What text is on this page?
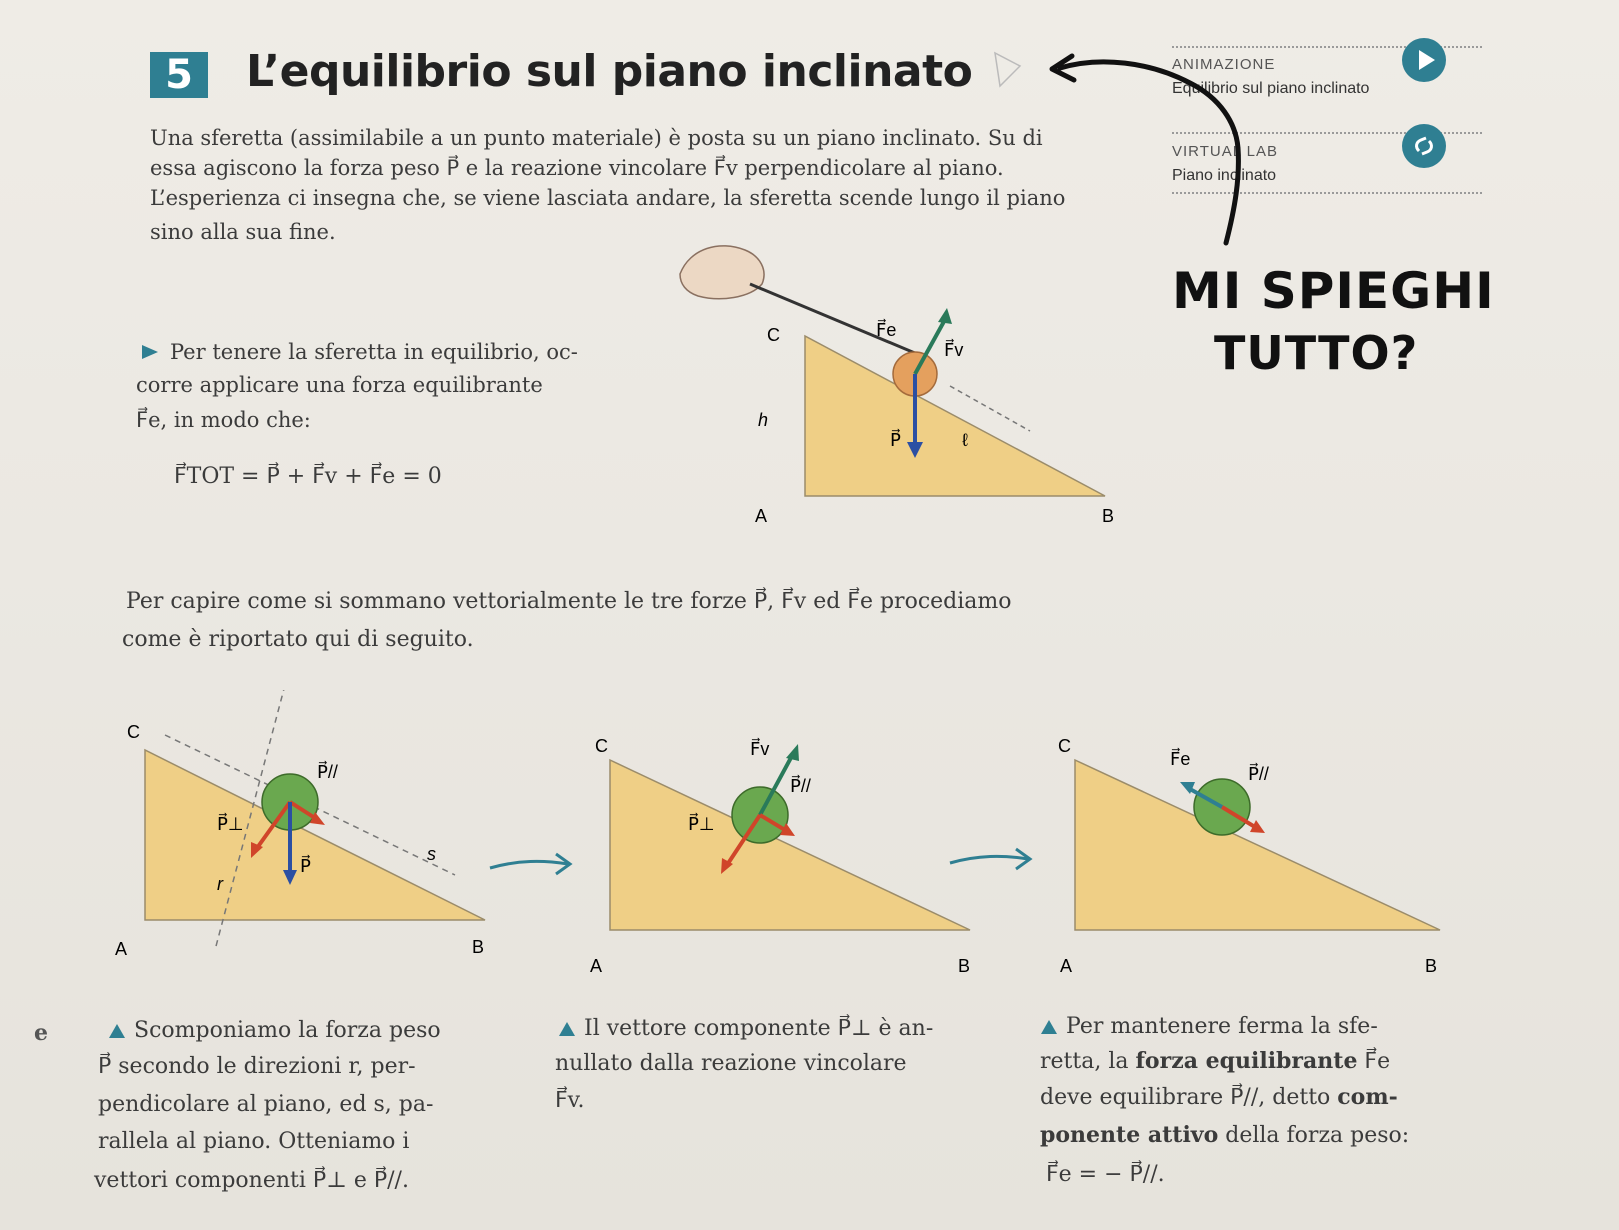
5	L’equilibrio sul piano inclinato	ANIMAZIONE
Equilibrio sul piano inclinato
VIRTUAL LAB
Piano inclinato
MI SPIEGHI
TUTTO?
Una sferetta (assimilabile a un punto materiale) è posta su un piano inclinato. Su di
essa agiscono la forza peso P⃗ e la reazione vincolare F⃗v perpendicolare al piano.
L’esperienza ci insegna che, se viene lasciata andare, la sferetta scende lungo il piano
sino alla sua fine.
Per tenere la sferetta in equilibrio, oc-
corre applicare una forza equilibrante
F⃗e, in modo che:
F⃗TOT = P⃗ + F⃗v + F⃗e = 0
C
h
A	B
F⃗e
F⃗v
P⃗	ℓ
Per capire come si sommano vettorialmente le tre forze P⃗, F⃗v ed F⃗e procediamo
come è riportato qui di seguito.
C
A	B
P⃗//
P⃗⊥
P⃗
s
r
C
A	B
F⃗v
P⃗//
P⃗⊥
C
A	B
F⃗e
P⃗//
e	Scomponiamo la forza peso
P⃗ secondo le direzioni r, per-
pendicolare al piano, ed s, pa-
rallela al piano. Otteniamo i
vettori componenti P⃗⊥ e P⃗//.
Il vettore componente P⃗⊥ è an-
nullato dalla reazione vincolare
F⃗v.
Per mantenere ferma la sfe-
retta, la forza equilibrante F⃗e
deve equilibrare P⃗//, detto com-
ponente attivo della forza peso:
F⃗e = − P⃗//.
